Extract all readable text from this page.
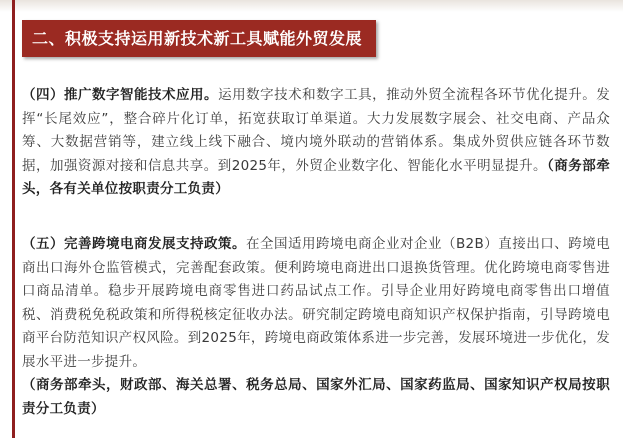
二、积极支持运用新技术新工具赋能外贸发展

（四）推广数字智能技术应用。运用数字技术和数字工具，推动外贸全流程各环节优化提升。发挥“长尾效应”，整合碎片化订单，拓宽获取订单渠道。大力发展数字展会、社交电商、产品众筹、大数据营销等，建立线上线下融合、境内境外联动的营销体系。集成外贸供应链各环节数据，加强资源对接和信息共享。到2025年，外贸企业数字化、智能化水平明显提升。（商务部牵头，各有关单位按职责分工负责）

（五）完善跨境电商发展支持政策。在全国适用跨境电商企业对企业（B2B）直接出口、跨境电商出口海外仓监管模式，完善配套政策。便利跨境电商进出口退换货管理。优化跨境电商零售进口商品清单。稳步开展跨境电商零售进口药品试点工作。引导企业用好跨境电商零售出口增值税、消费税免税政策和所得税核定征收办法。研究制定跨境电商知识产权保护指南，引导跨境电商平台防范知识产权风险。到2025年，跨境电商政策体系进一步完善，发展环境进一步优化，发展水平进一步提升。
（商务部牵头，财政部、海关总署、税务总局、国家外汇局、国家药监局、国家知识产权局按职责分工负责）
